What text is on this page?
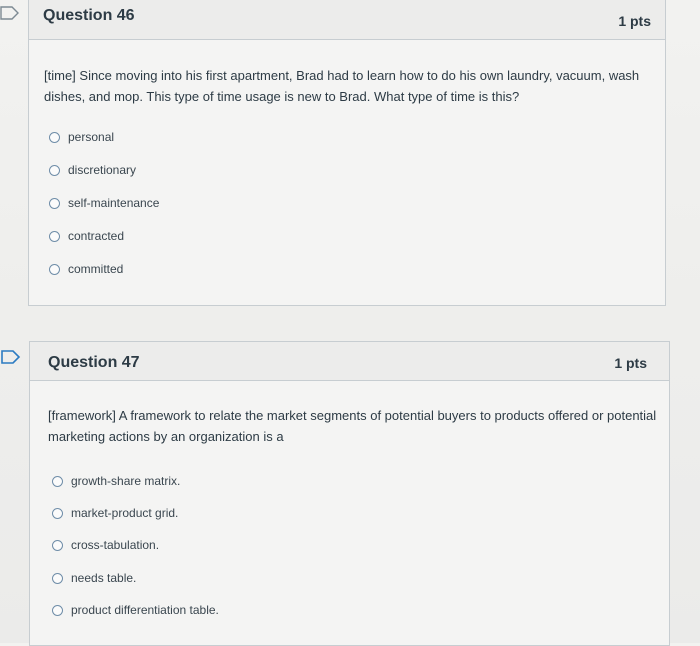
Question 46	1 pts
[time] Since moving into his first apartment, Brad had to learn how to do his own laundry, vacuum, wash dishes, and mop. This type of time usage is new to Brad. What type of time is this?
personal
discretionary
self-maintenance
contracted
committed
Question 47	1 pts
[framework] A framework to relate the market segments of potential buyers to products offered or potential marketing actions by an organization is a
growth-share matrix.
market-product grid.
cross-tabulation.
needs table.
product differentiation table.
